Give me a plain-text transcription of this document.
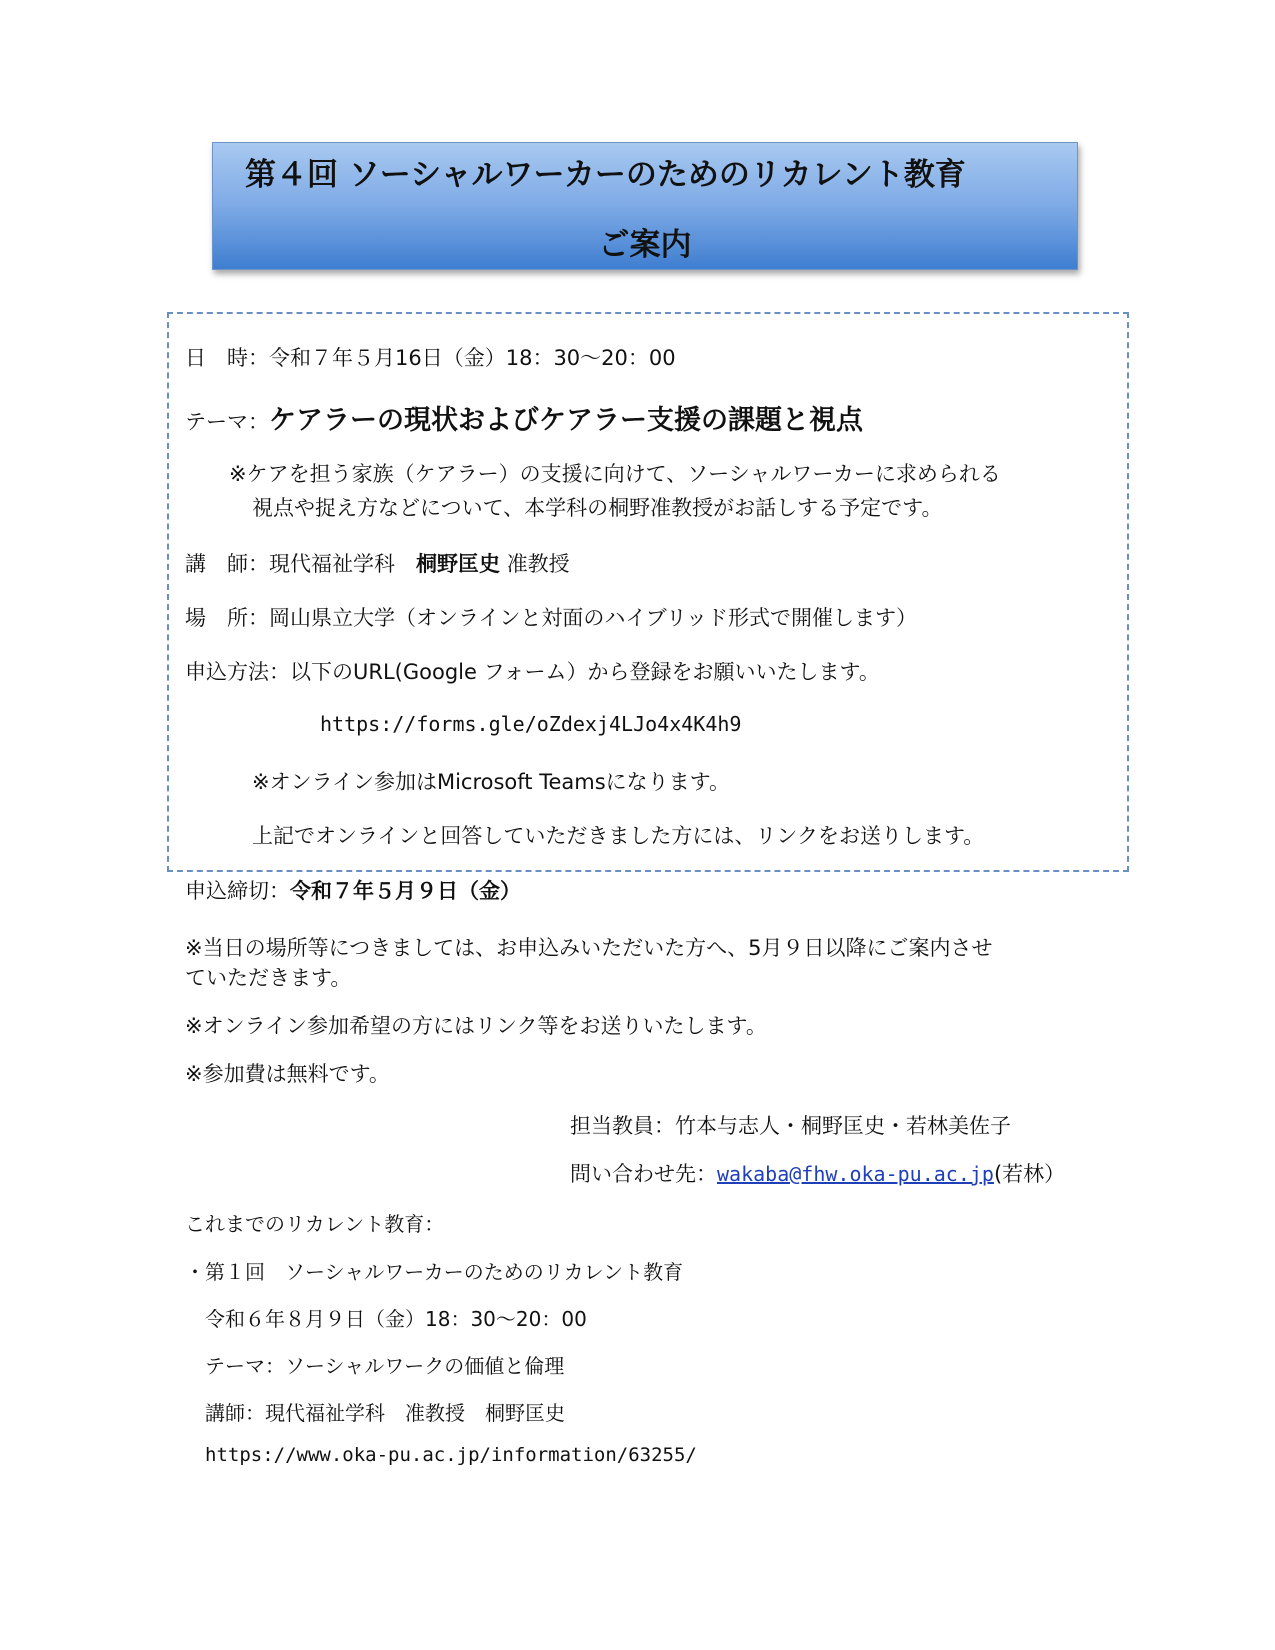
第４回 ソーシャルワーカーのためのリカレント教育
ご案内
日　時：令和７年５月16日（金）18：30〜20：00
テーマ：ケアラーの現状およびケアラー支援の課題と視点
※ケアを担う家族（ケアラー）の支援に向けて、ソーシャルワーカーに求められる
視点や捉え方などについて、本学科の桐野准教授がお話しする予定です。
講　師：現代福祉学科　桐野匡史 准教授
場　所：岡山県立大学（オンラインと対面のハイブリッド形式で開催します）
申込方法：以下のURL(Google フォーム）から登録をお願いいたします。
https://forms.gle/oZdexj4LJo4x4K4h9
※オンライン参加はMicrosoft Teamsになります。
上記でオンラインと回答していただきました方には、リンクをお送りします。
申込締切：令和７年５月９日（金）
※当日の場所等につきましては、お申込みいただいた方へ、5月９日以降にご案内させ
ていただきます。
※オンライン参加希望の方にはリンク等をお送りいたします。
※参加費は無料です。
担当教員：竹本与志人・桐野匡史・若林美佐子
問い合わせ先：wakaba@fhw.oka-pu.ac.jp(若林）
これまでのリカレント教育：
・第１回　ソーシャルワーカーのためのリカレント教育
令和６年８月９日（金）18：30〜20：00
テーマ：ソーシャルワークの価値と倫理
講師：現代福祉学科　准教授　桐野匡史
https://www.oka-pu.ac.jp/information/63255/
